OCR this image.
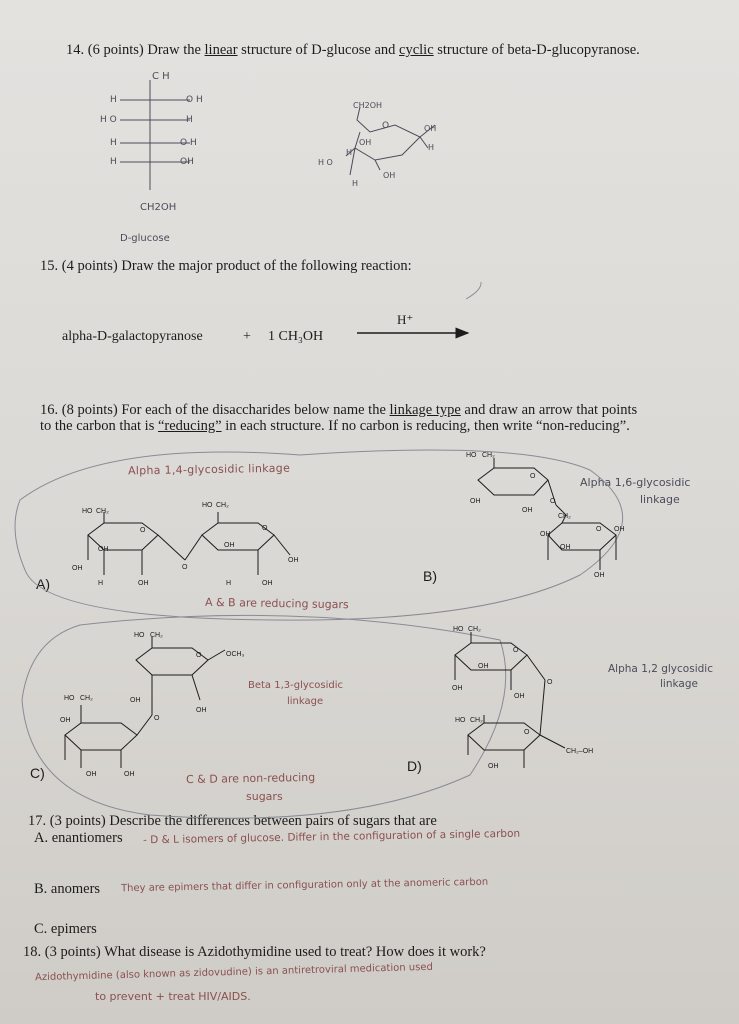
14. (6 points) Draw the linear structure of D-glucose and cyclic structure of beta-D-glucopyranose.
15. (4 points) Draw the major product of the following reaction:
alpha-D-galactopyranose	+ 1 CH₃OH
H⁺
16. (8 points) For each of the disaccharides below name the linkage type and draw an arrow that points
to the carbon that is “reducing” in each structure. If no carbon is reducing, then write “non-reducing”.
A)	B)
C)	D)
Alpha 1,4-glycosidic linkage
Alpha 1,6-glycosidic
linkage
A & B are reducing sugars
Beta 1,3-glycosidic
linkage
Alpha 1,2 glycosidic
linkage
C & D are non-reducing
sugars
17. (3 points) Describe the differences between pairs of sugars that are
A. enantiomers - D & L isomers of glucose. Differ in the configuration of a single carbon
B. anomers They are epimers that differ in configuration only at the anomeric carbon
C. epimers
18. (3 points) What disease is Azidothymidine used to treat? How does it work?
Azidothymidine (also known as zidovudine) is an antiretroviral medication used
to prevent + treat HIV/AIDS.
C H
H	O H
H O	H
H	O H
H	OH
CH2OH
D-glucose
CH2OH
O	OH
H
OH
H
H O
H
OH
HO CH₂
O
OH
OH
H	OH
O
HO CH₂
O
OH
H	OH
OH
HO CH₂
O
OH
OH
O
CH₂
O OH
OH
OH
OH
HO CH₂
O	OCH₃
OH
OH
HO CH₂
O
OH
OH	OH
HO CH₂
O
OH
OH
OH
O
HO CH₂
O
CH₂–OH
OH
